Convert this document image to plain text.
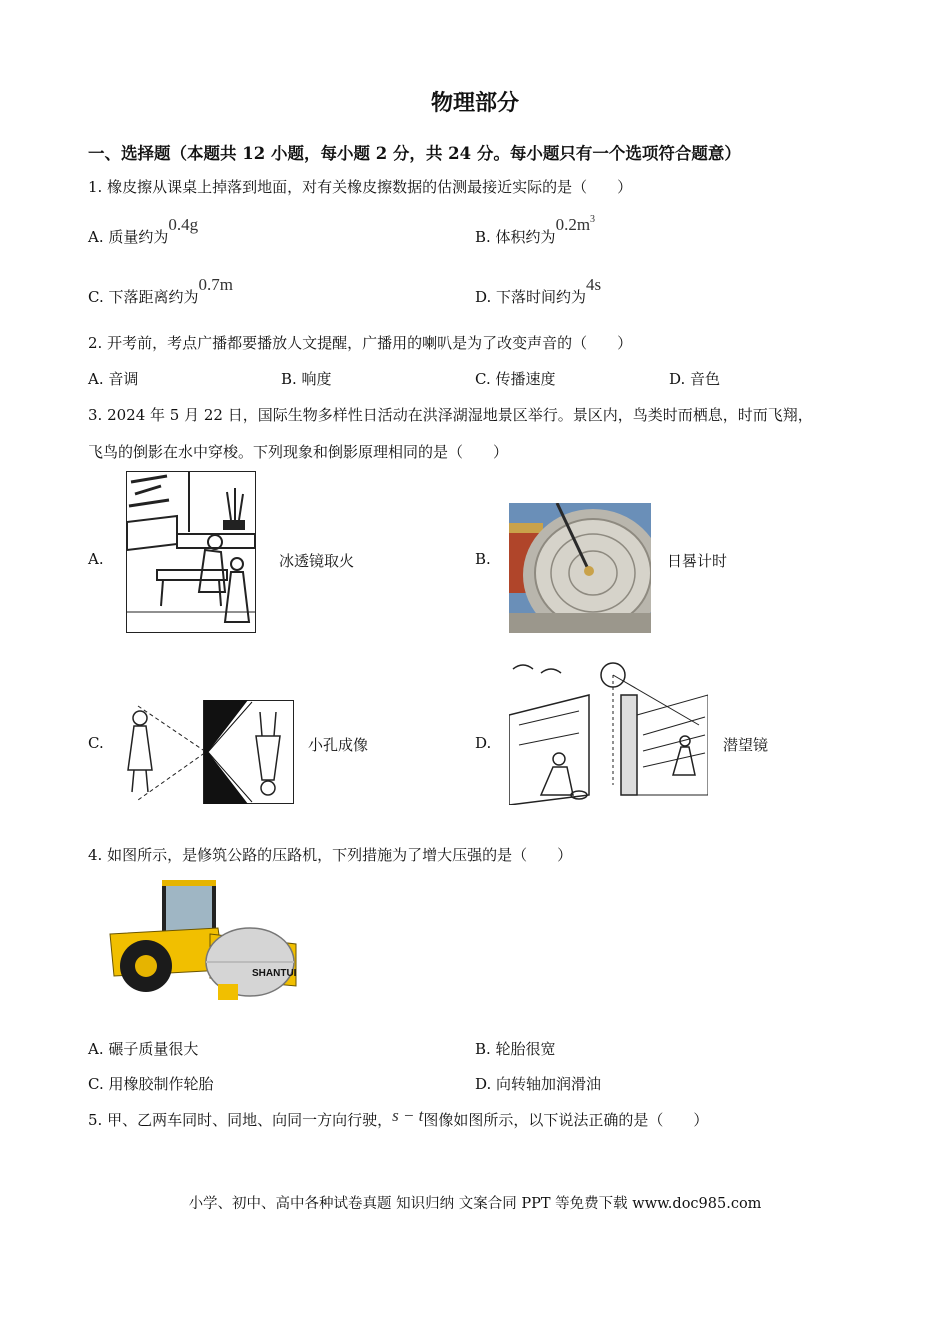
物理部分
一、选择题（本题共 12 小题，每小题 2 分，共 24 分。每小题只有一个选项符合题意）
1. 橡皮擦从课桌上掉落到地面，对有关橡皮擦数据的估测最接近实际的是（　　）
A. 质量约为0.4g
B. 体积约为$0.2m^3$
C. 下落距离约为0.7m
D. 下落时间约为4s
2. 开考前，考点广播都要播放人文提醒，广播用的喇叭是为了改变声音的（　　）
A. 音调	B. 响度	C. 传播速度	D. 音色
3. 2024 年 5 月 22 日，国际生物多样性日活动在洪泽湖湿地景区举行。景区内，鸟类时而栖息，时而飞翔，
飞鸟的倒影在水中穿梭。下列现象和倒影原理相同的是（　　）
A.	冰透镜取火	B.	日晷计时
C.	小孔成像	D.	潜望镜
4. 如图所示，是修筑公路的压路机，下列措施为了增大压强的是（　　）
SHANTUI
A. 碾子质量很大	B. 轮胎很宽
C. 用橡胶制作轮胎	D. 向转轴加润滑油
5. 甲、乙两车同时、同地、向同一方向行驶，s − t图像如图所示，以下说法正确的是（　　）
小学、初中、高中各种试卷真题 知识归纳 文案合同 PPT 等免费下载 www.doc985.com
